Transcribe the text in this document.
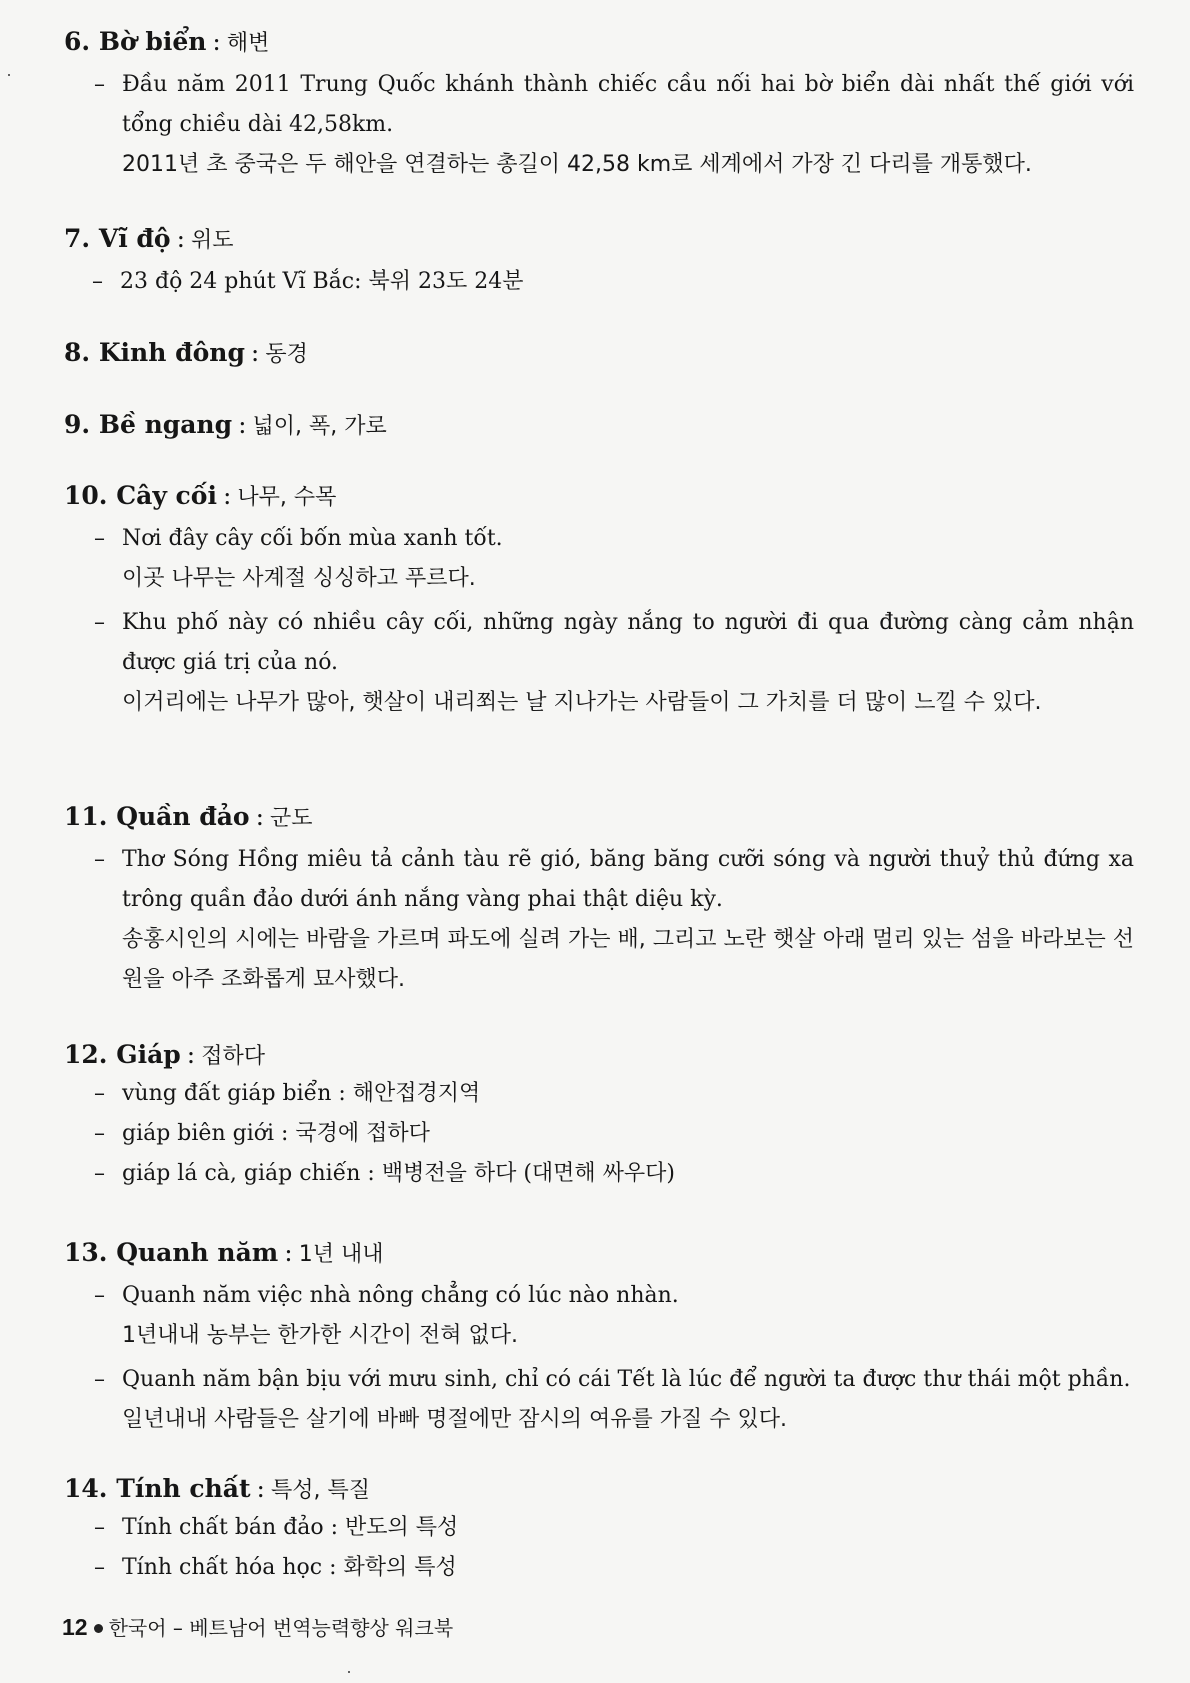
6. Bờ biển : 해변
– Đầu năm 2011 Trung Quốc khánh thành chiếc cầu nối hai bờ biển dài nhất thế giới với tổng chiều dài 42,58km.
2011년 초 중국은 두 해안을 연결하는 총길이 42,58 km로 세계에서 가장 긴 다리를 개통했다.
7. Vĩ độ : 위도
– 23 độ 24 phút Vĩ Bắc: 북위 23도 24분
8. Kinh đông : 동경
9. Bề ngang : 넓이, 폭, 가로
10. Cây cối : 나무, 수목
– Nơi đây cây cối bốn mùa xanh tốt.
이곳 나무는 사계절 싱싱하고 푸르다.
– Khu phố này có nhiều cây cối, những ngày nắng to người đi qua đường càng cảm nhận được giá trị của nó.
이거리에는 나무가 많아, 햇살이 내리쬐는 날 지나가는 사람들이 그 가치를 더 많이 느낄 수 있다.
11. Quần đảo : 군도
– Thơ Sóng Hồng miêu tả cảnh tàu rẽ gió, băng băng cưỡi sóng và người thuỷ thủ đứng xa trông quần đảo dưới ánh nắng vàng phai thật diệu kỳ.
송홍시인의 시에는 바람을 가르며 파도에 실려 가는 배, 그리고 노란 햇살 아래 멀리 있는 섬을 바라보는 선원을 아주 조화롭게 묘사했다.
12. Giáp : 접하다
– vùng đất giáp biển : 해안접경지역
– giáp biên giới : 국경에 접하다
– giáp lá cà, giáp chiến : 백병전을 하다 (대면해 싸우다)
13. Quanh năm : 1년 내내
– Quanh năm việc nhà nông chẳng có lúc nào nhàn.
1년내내 농부는 한가한 시간이 전혀 없다.
– Quanh năm bận bịu với mưu sinh, chỉ có cái Tết là lúc để người ta được thư thái một phần.
일년내내 사람들은 살기에 바빠 명절에만 잠시의 여유를 가질 수 있다.
14. Tính chất : 특성, 특질
– Tính chất bán đảo : 반도의 특성
– Tính chất hóa học : 화학의 특성
12 한국어 – 베트남어 번역능력향상 워크북
